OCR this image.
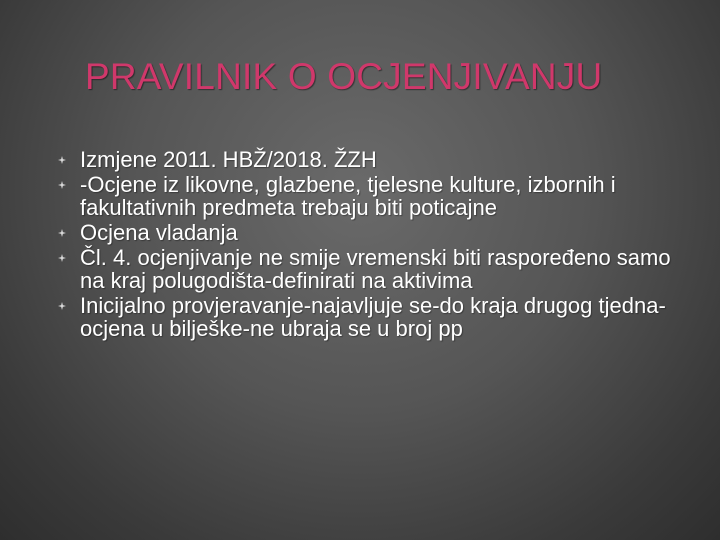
PRAVILNIK O OCJENJIVANJU
Izmjene 2011. HBŽ/2018. ŽZH
-Ocjene iz likovne, glazbene, tjelesne kulture, izbornih i fakultativnih predmeta trebaju biti poticajne
Ocjena vladanja
Čl. 4. ocjenjivanje ne smije vremenski biti raspoređeno samo na kraj polugodišta-definirati na aktivima
Inicijalno provjeravanje-najavljuje se-do kraja drugog tjedna-ocjena u bilješke-ne ubraja se u broj pp
